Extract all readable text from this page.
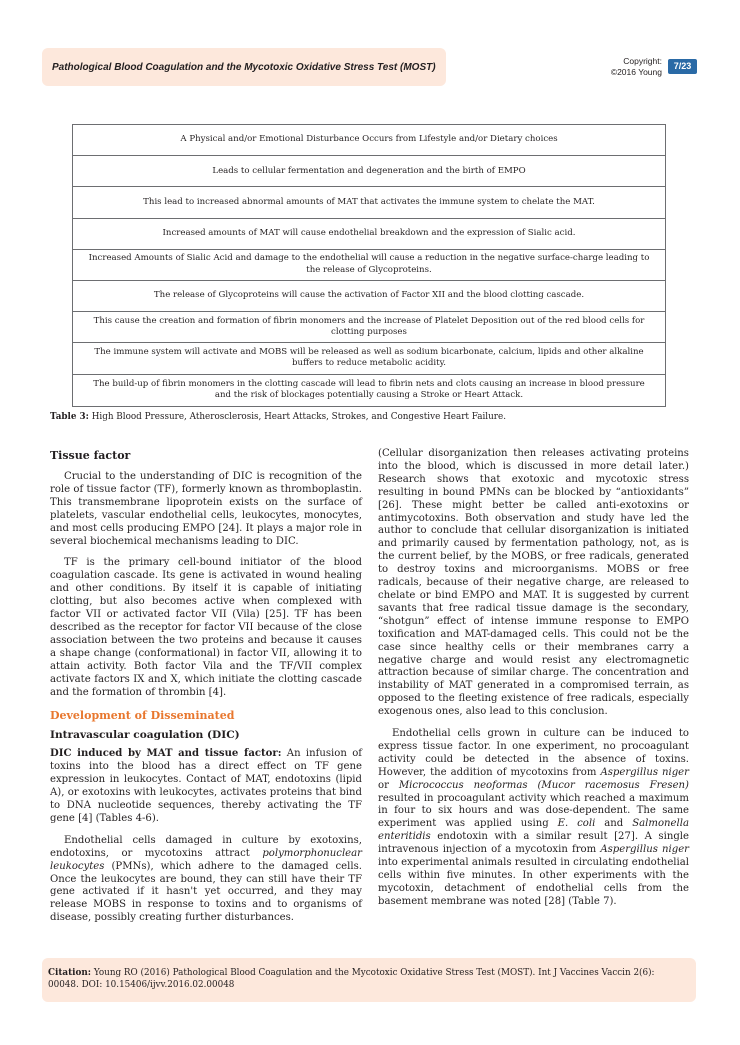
Pathological Blood Coagulation and the Mycotoxic Oxidative Stress Test (MOST)
Copyright:
©2016 Young
7/23
A Physical and/or Emotional Disturbance Occurs from Lifestyle and/or Dietary choices
Leads to cellular fermentation and degeneration and the birth of EMPO
This lead to increased abnormal amounts of MAT that activates the immune system to chelate the MAT.
Increased amounts of MAT will cause endothelial breakdown and the expression of Sialic acid.
Increased Amounts of Sialic Acid and damage to the endothelial will cause a reduction in the negative surface-charge leading to the release of Glycoproteins.
The release of Glycoproteins will cause the activation of Factor XII and the blood clotting cascade.
This cause the creation and formation of fibrin monomers and the increase of Platelet Deposition out of the red blood cells for clotting purposes
The immune system will activate and MOBS will be released as well as sodium bicarbonate, calcium, lipids and other alkaline buffers to reduce metabolic acidity.
The build-up of fibrin monomers in the clotting cascade will lead to fibrin nets and clots causing an increase in blood pressure and the risk of blockages potentially causing a Stroke or Heart Attack.
Table 3: High Blood Pressure, Atherosclerosis, Heart Attacks, Strokes, and Congestive Heart Failure.
Tissue factor

Crucial to the understanding of DIC is recognition of the role of tissue factor (TF), formerly known as thromboplastin. This transmembrane lipoprotein exists on the surface of platelets, vascular endothelial cells, leukocytes, monocytes, and most cells producing EMPO [24]. It plays a major role in several biochemical mechanisms leading to DIC.

TF is the primary cell-bound initiator of the blood coagulation cascade. Its gene is activated in wound healing and other conditions. By itself it is capable of initiating clotting, but also becomes active when complexed with factor VII or activated factor VII (Vila) [25]. TF has been described as the receptor for factor VII because of the close association between the two proteins and because it causes a shape change (conformational) in factor VII, allowing it to attain activity. Both factor Vila and the TF/VII complex activate factors IX and X, which initiate the clotting cascade and the formation of thrombin [4].

Development of Disseminated
Intravascular coagulation (DIC)

DIC induced by MAT and tissue factor: An infusion of toxins into the blood has a direct effect on TF gene expression in leukocytes. Contact of MAT, endotoxins (lipid A), or exotoxins with leukocytes, activates proteins that bind to DNA nucleotide sequences, thereby activating the TF gene [4] (Tables 4-6).

Endothelial cells damaged in culture by exotoxins, endotoxins, or mycotoxins attract polymorphonuclear leukocytes (PMNs), which adhere to the damaged cells. Once the leukocytes are bound, they can still have their TF gene activated if it hasn't yet occurred, and they may release MOBS in response to toxins and to organisms of disease, possibly creating further disturbances.

(Cellular disorganization then releases activating proteins into the blood, which is discussed in more detail later.) Research shows that exotoxic and mycotoxic stress resulting in bound PMNs can be blocked by “antioxidants” [26]. These might better be called anti-exotoxins or antimycotoxins. Both observation and study have led the author to conclude that cellular disorganization is initiated and primarily caused by fermentation pathology, not, as is the current belief, by the MOBS, or free radicals, generated to destroy toxins and microorganisms. MOBS or free radicals, because of their negative charge, are released to chelate or bind EMPO and MAT. It is suggested by current savants that free radical tissue damage is the secondary, “shotgun” effect of intense immune response to EMPO toxification and MAT-damaged cells. This could not be the case since healthy cells or their membranes carry a negative charge and would resist any electromagnetic attraction because of similar charge. The concentration and instability of MAT generated in a compromised terrain, as opposed to the fleeting existence of free radicals, especially exogenous ones, also lead to this conclusion.

Endothelial cells grown in culture can be induced to express tissue factor. In one experiment, no procoagulant activity could be detected in the absence of toxins. However, the addition of mycotoxins from Aspergillus niger or Micrococcus neoformas (Mucor racemosus Fresen) resulted in procoagulant activity which reached a maximum in four to six hours and was dose-dependent. The same experiment was applied using E. coli and Salmonella enteritidis endotoxin with a similar result [27]. A single intravenous injection of a mycotoxin from Aspergillus niger into experimental animals resulted in circulating endothelial cells within five minutes. In other experiments with the mycotoxin, detachment of endothelial cells from the basement membrane was noted [28] (Table 7).

Citation: Young RO (2016) Pathological Blood Coagulation and the Mycotoxic Oxidative Stress Test (MOST). Int J Vaccines Vaccin 2(6): 00048. DOI: 10.15406/ijvv.2016.02.00048
